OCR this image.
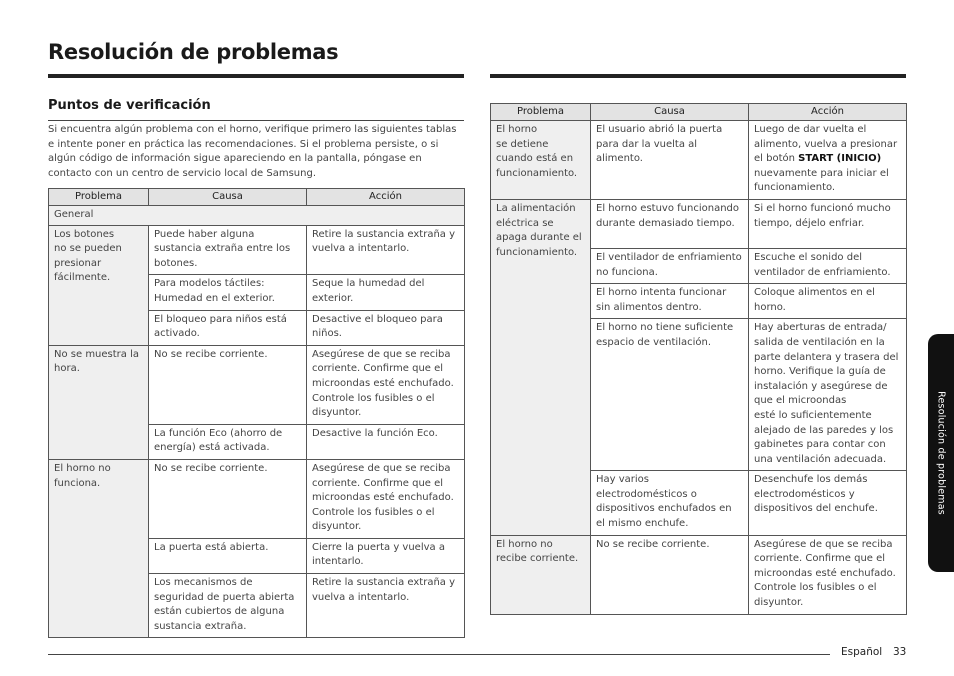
Resolución de problemas
Puntos de verificación

Si encuentra algún problema con el horno, verifique primero las siguientes tablas e intente poner en práctica las recomendaciones. Si el problema persiste, o si algún código de información sigue apareciendo en la pantalla, póngase en contacto con un centro de servicio local de Samsung.

Problema	Causa	Acción
General		
Los botones
no se pueden
presionar
fácilmente.	Puede haber alguna sustancia extraña entre los botones.	Retire la sustancia extraña y vuelva a intentarlo.
	Para modelos táctiles: Humedad en el exterior.	Seque la humedad del exterior.
	El bloqueo para niños está activado.	Desactive el bloqueo para niños.
No se muestra la hora.	No se recibe corriente.	Asegúrese de que se reciba corriente. Confirme que el microondas esté enchufado. Controle los fusibles o el disyuntor.
	La función Eco (ahorro de energía) está activada.	Desactive la función Eco.
El horno no funciona.	No se recibe corriente.	Asegúrese de que se reciba corriente. Confirme que el microondas esté enchufado. Controle los fusibles o el disyuntor.
	La puerta está abierta.	Cierre la puerta y vuelva a intentarlo.
	Los mecanismos de seguridad de puerta abierta están cubiertos de alguna sustancia extraña.	Retire la sustancia extraña y vuelva a intentarlo.
Problema	Causa	Acción
El horno
se detiene
cuando está en
funcionamiento.	El usuario abrió la puerta para dar la vuelta al alimento.	Luego de dar vuelta el alimento, vuelva a presionar el botón START (INICIO) nuevamente para iniciar el funcionamiento.
La alimentación eléctrica se apaga durante el funcionamiento.	El horno estuvo funcionando durante demasiado tiempo.	Si el horno funcionó mucho tiempo, déjelo enfriar.
	El ventilador de enfriamiento no funciona.	Escuche el sonido del ventilador de enfriamiento.
	El horno intenta funcionar sin alimentos dentro.	Coloque alimentos en el horno.
	El horno no tiene suficiente espacio de ventilación.	Hay aberturas de entrada/ salida de ventilación en la parte delantera y trasera del horno. Verifique la guía de instalación y asegúrese de que el microondas
esté lo suficientemente alejado de las paredes y los gabinetes para contar con una ventilación adecuada.
	Hay varios electrodomésticos o dispositivos enchufados en el mismo enchufe.	Desenchufe los demás electrodomésticos y dispositivos del enchufe.
El horno no recibe corriente.	No se recibe corriente.	Asegúrese de que se reciba corriente. Confirme que el microondas esté enchufado. Controle los fusibles o el disyuntor.
Resolución de problemas
Español 33
